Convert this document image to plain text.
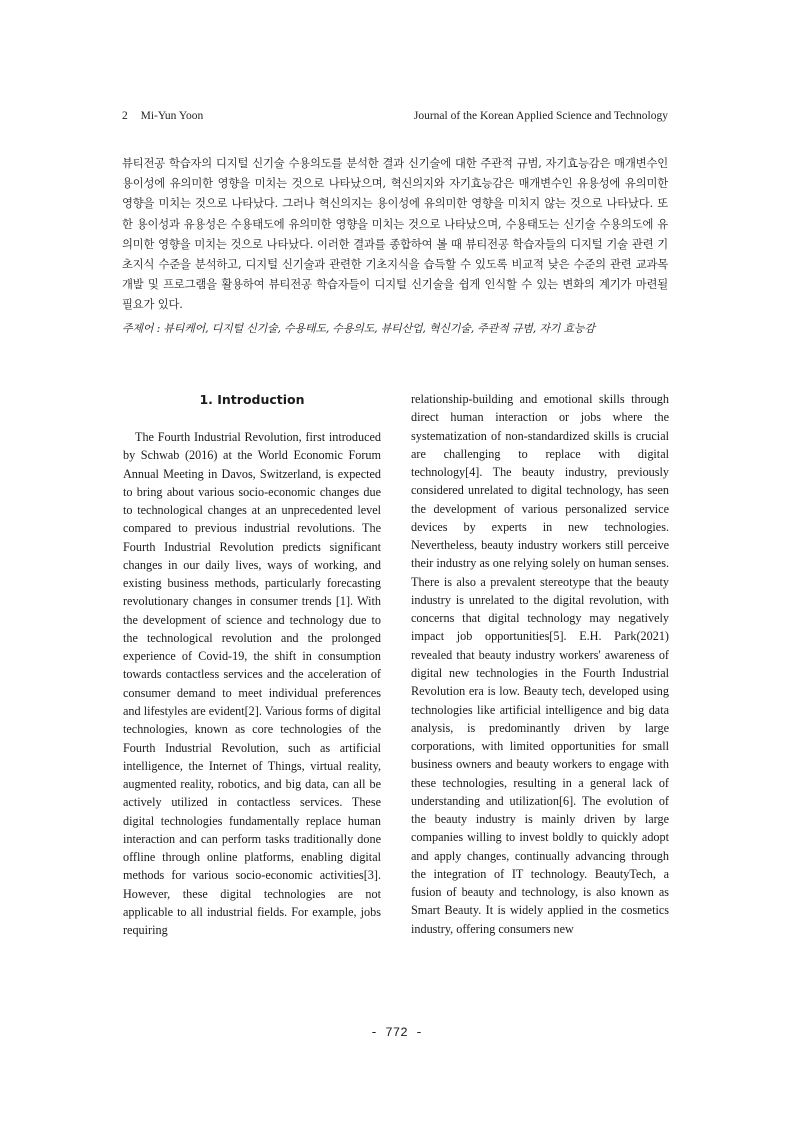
2 Mi-Yun Yoon	Journal of the Korean Applied Science and Technology

뷰티전공 학습자의 디지털 신기술 수용의도를 분석한 결과 신기술에 대한 주관적 규범, 자기효능감은 매개변수인 용이성에 유의미한 영향을 미치는 것으로 나타났으며, 혁신의지와 자기효능감은 매개변수인 유용성에 유의미한 영향을 미치는 것으로 나타났다. 그러나 혁신의지는 용이성에 유의미한 영향을 미치지 않는 것으로 나타났다. 또한 용이성과 유용성은 수용태도에 유의미한 영향을 미치는 것으로 나타났으며, 수용태도는 신기술 수용의도에 유의미한 영향을 미치는 것으로 나타났다. 이러한 결과를 종합하여 볼 때 뷰티전공 학습자들의 디지털 기술 관련 기초지식 수준을 분석하고, 디지털 신기술과 관련한 기초지식을 습득할 수 있도록 비교적 낮은 수준의 관련 교과목 개발 및 프로그램을 활용하여 뷰티전공 학습자들이 디지털 신기술을 쉽게 인식할 수 있는 변화의 계기가 마련될 필요가 있다.

주제어 : 뷰티케어, 디지털 신기술, 수용태도, 수용의도, 뷰티산업, 혁신기술, 주관적 규범, 자기 효능감

1. Introduction

The Fourth Industrial Revolution, first introduced by Schwab (2016) at the World Economic Forum Annual Meeting in Davos, Switzerland, is expected to bring about various socio-economic changes due to technological changes at an unprecedented level compared to previous industrial revolutions. The Fourth Industrial Revolution predicts significant changes in our daily lives, ways of working, and existing business methods, particularly forecasting revolutionary changes in consumer trends [1]. With the development of science and technology due to the technological revolution and the prolonged experience of Covid-19, the shift in consumption towards contactless services and the acceleration of consumer demand to meet individual preferences and lifestyles are evident[2]. Various forms of digital technologies, known as core technologies of the Fourth Industrial Revolution, such as artificial intelligence, the Internet of Things, virtual reality, augmented reality, robotics, and big data, can all be actively utilized in contactless services. These digital technologies fundamentally replace human interaction and can perform tasks traditionally done offline through online platforms, enabling digital methods for various socio-economic activities[3]. However, these digital technologies are not applicable to all industrial fields. For example, jobs requiring

relationship-building and emotional skills through direct human interaction or jobs where the systematization of non-standardized skills is crucial are challenging to replace with digital technology[4]. The beauty industry, previously considered unrelated to digital technology, has seen the development of various personalized service devices by experts in new technologies. Nevertheless, beauty industry workers still perceive their industry as one relying solely on human senses. There is also a prevalent stereotype that the beauty industry is unrelated to the digital revolution, with concerns that digital technology may negatively impact job opportunities[5]. E.H. Park(2021) revealed that beauty industry workers' awareness of digital new technologies in the Fourth Industrial Revolution era is low. Beauty tech, developed using technologies like artificial intelligence and big data analysis, is predominantly driven by large corporations, with limited opportunities for small business owners and beauty workers to engage with these technologies, resulting in a general lack of understanding and utilization[6]. The evolution of the beauty industry is mainly driven by large companies willing to invest boldly to quickly adopt and apply changes, continually advancing through the integration of IT technology. BeautyTech, a fusion of beauty and technology, is also known as Smart Beauty. It is widely applied in the cosmetics industry, offering consumers new

- 772 -
